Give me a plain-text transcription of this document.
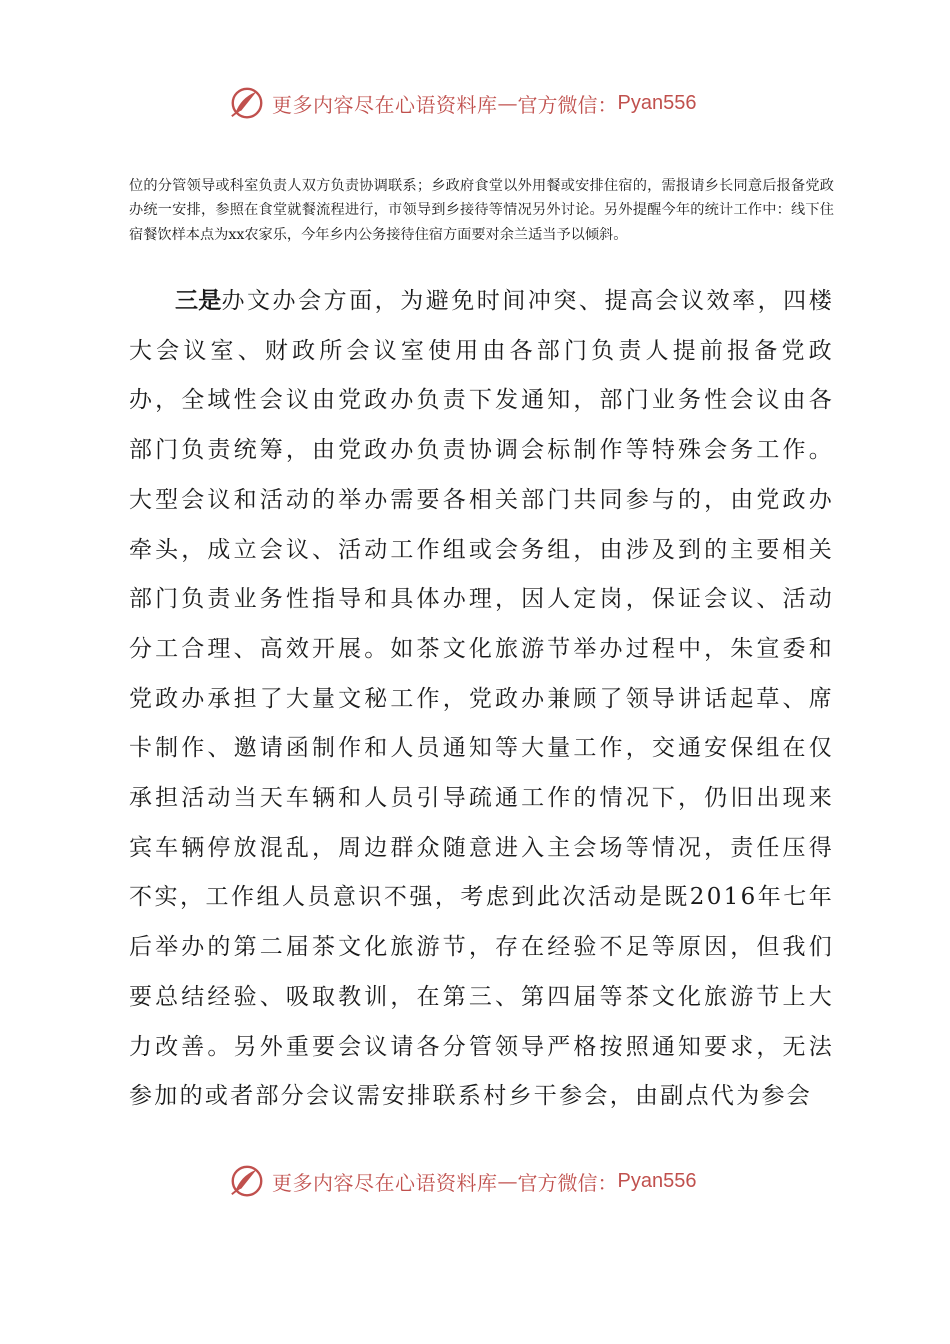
更多内容尽在心语资料库 — 官方微信： Pyan556

位的分管领导或科室负责人双方负责协调联系；乡政府食堂以外用餐或安排住宿的，需报请乡长同意后报备党政办统一安排，参照在食堂就餐流程进行，市领导到乡接待等情况另外讨论。另外提醒今年的统计工作中：线下住宿餐饮样本点为xx农家乐，今年乡内公务接待住宿方面要对余兰适当予以倾斜。

三是办文办会方面，为避免时间冲突、提高会议效率，四楼大会议室、财政所会议室使用由各部门负责人提前报备党政办，全域性会议由党政办负责下发通知，部门业务性会议由各部门负责统筹，由党政办负责协调会标制作等特殊会务工作。大型会议和活动的举办需要各相关部门共同参与的，由党政办牵头，成立会议、活动工作组或会务组，由涉及到的主要相关部门负责业务性指导和具体办理，因人定岗，保证会议、活动分工合理、高效开展。如茶文化旅游节举办过程中，朱宣委和党政办承担了大量文秘工作，党政办兼顾了领导讲话起草、席卡制作、邀请函制作和人员通知等大量工作，交通安保组在仅承担活动当天车辆和人员引导疏通工作的情况下，仍旧出现来宾车辆停放混乱，周边群众随意进入主会场等情况，责任压得不实，工作组人员意识不强，考虑到此次活动是既2016年七年后举办的第二届茶文化旅游节，存在经验不足等原因，但我们要总结经验、吸取教训，在第三、第四届等茶文化旅游节上大力改善。另外重要会议请各分管领导严格按照通知要求，无法参加的或者部分会议需安排联系村乡干参会，由副点代为参会

更多内容尽在心语资料库 — 官方微信： Pyan556
